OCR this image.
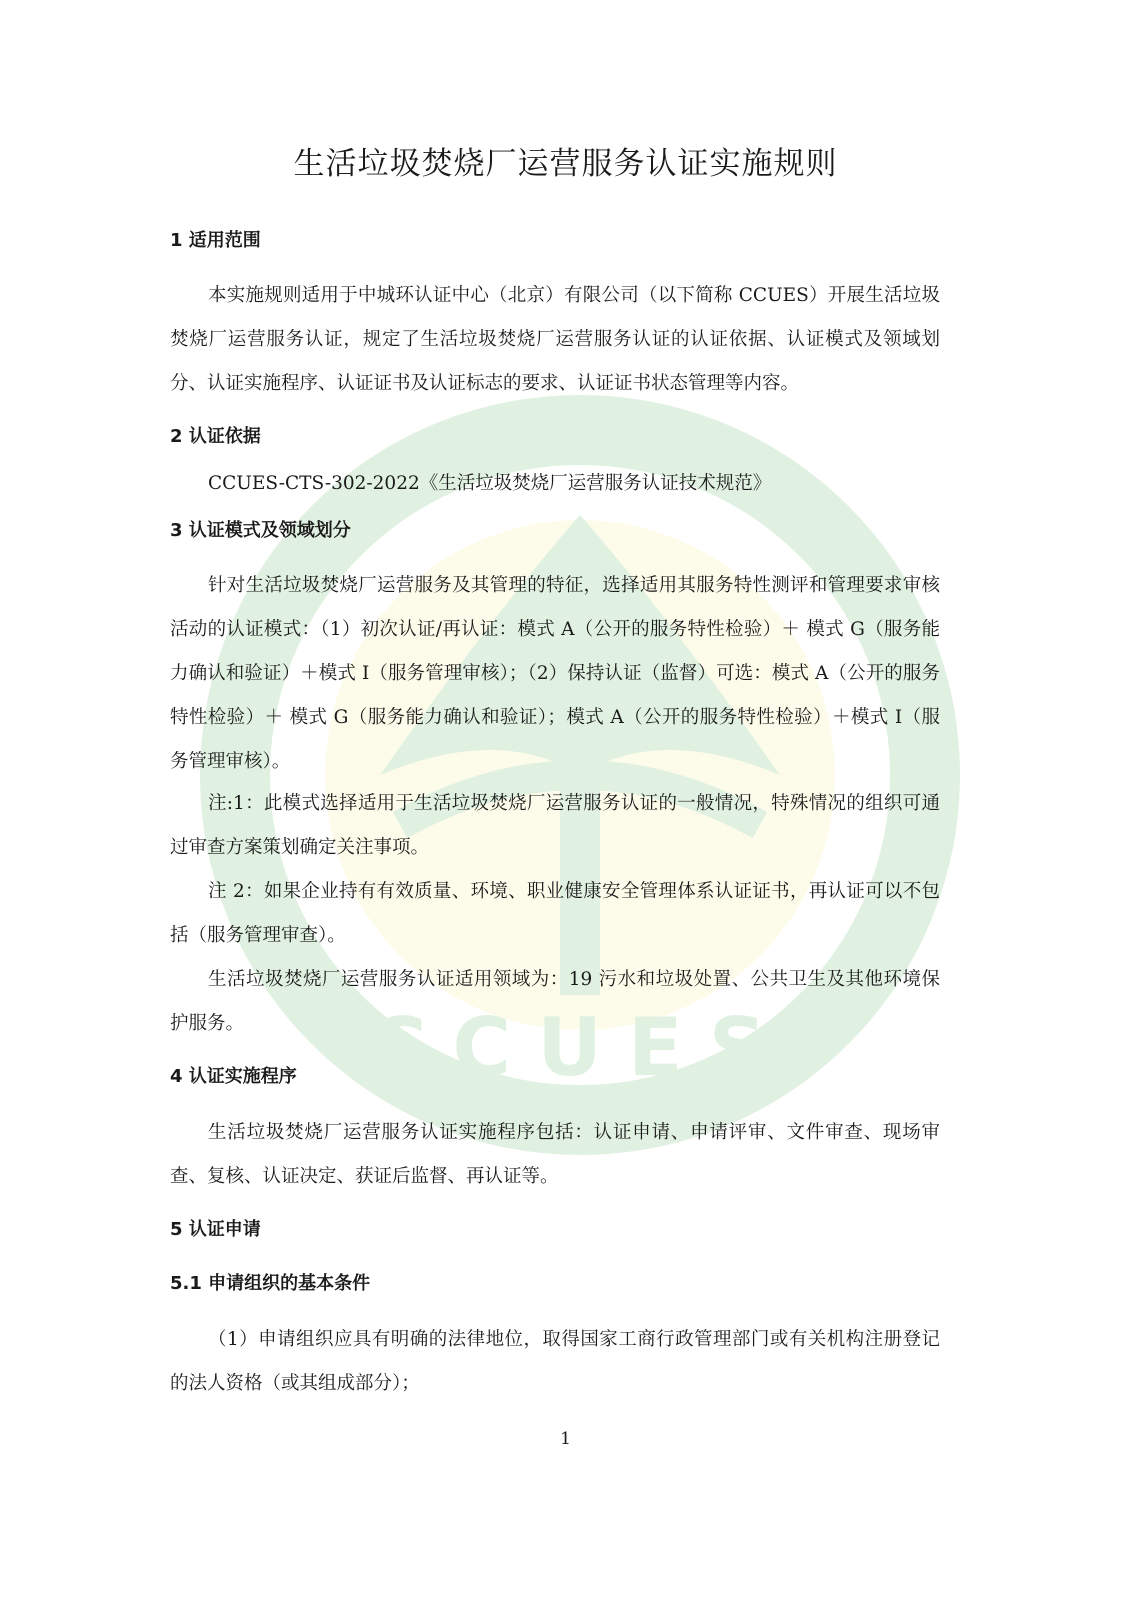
CCUES
生活垃圾焚烧厂运营服务认证实施规则
1 适用范围

本实施规则适用于中城环认证中心（北京）有限公司（以下简称 CCUES）开展生活垃圾焚烧厂运营服务认证，规定了生活垃圾焚烧厂运营服务认证的认证依据、认证模式及领域划分、认证实施程序、认证证书及认证标志的要求、认证证书状态管理等内容。

2 认证依据

CCUES-CTS-302-2022《生活垃圾焚烧厂运营服务认证技术规范》

3 认证模式及领域划分

针对生活垃圾焚烧厂运营服务及其管理的特征，选择适用其服务特性测评和管理要求审核活动的认证模式：（1）初次认证/再认证：模式 A（公开的服务特性检验）＋ 模式 G（服务能力确认和验证）＋模式 I（服务管理审核）；（2）保持认证（监督）可选：模式 A（公开的服务特性检验）＋ 模式 G（服务能力确认和验证）；模式 A（公开的服务特性检验）＋模式 I（服务管理审核）。

注:1：此模式选择适用于生活垃圾焚烧厂运营服务认证的一般情况，特殊情况的组织可通过审查方案策划确定关注事项。

注 2：如果企业持有有效质量、环境、职业健康安全管理体系认证证书，再认证可以不包括（服务管理审查）。

生活垃圾焚烧厂运营服务认证适用领域为：19 污水和垃圾处置、公共卫生及其他环境保护服务。

4 认证实施程序

生活垃圾焚烧厂运营服务认证实施程序包括：认证申请、申请评审、文件审查、现场审查、复核、认证决定、获证后监督、再认证等。

5 认证申请
5.1 申请组织的基本条件

（1）申请组织应具有明确的法律地位，取得国家工商行政管理部门或有关机构注册登记的法人资格（或其组成部分）；

1
